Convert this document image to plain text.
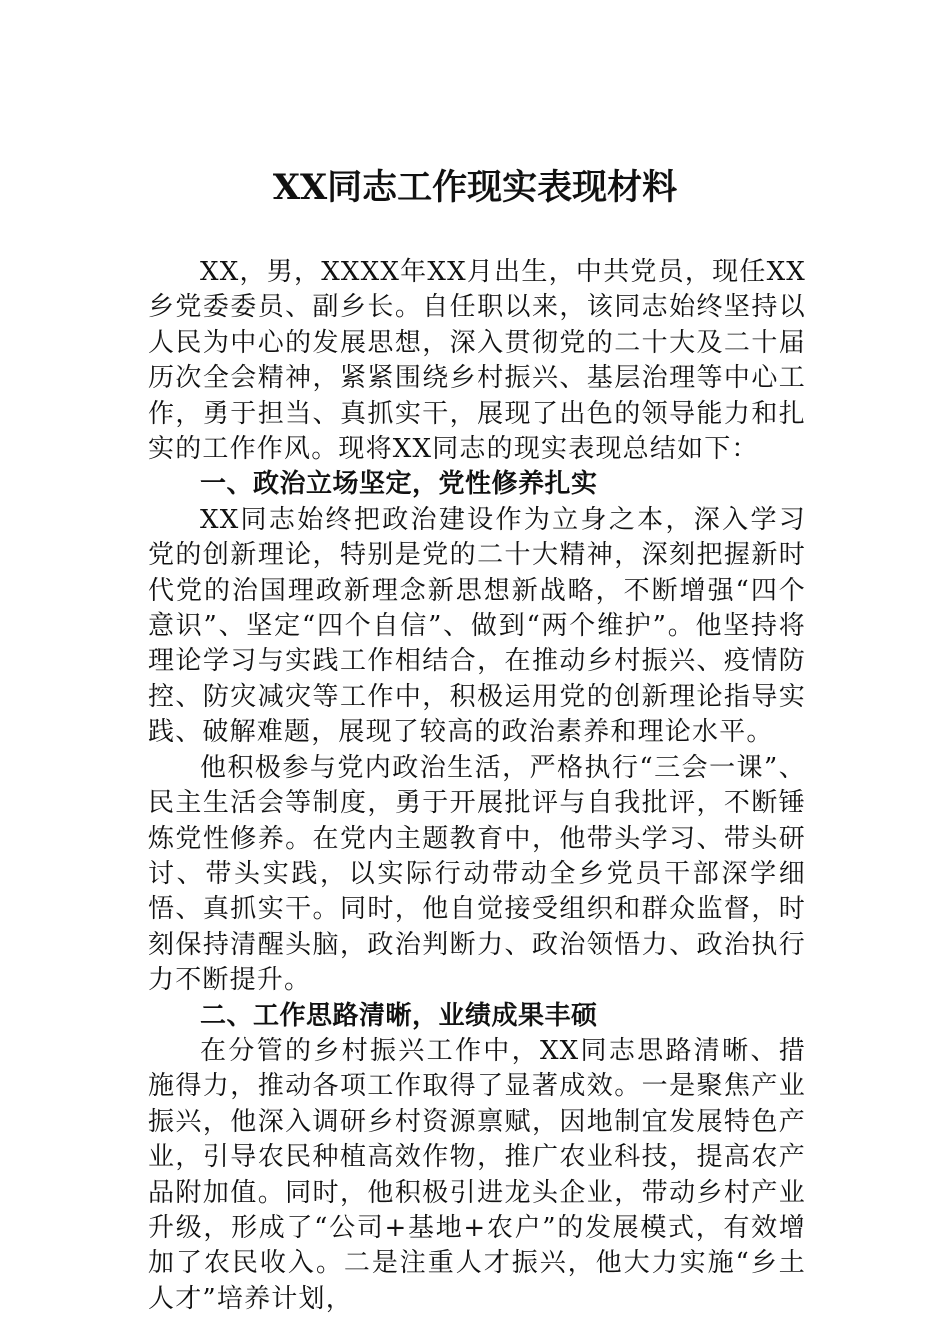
XX同志工作现实表现材料

XX，男，XXXX年XX月出生，中共党员，现任XX乡党委委员、副乡长。自任职以来，该同志始终坚持以人民为中心的发展思想，深入贯彻党的二十大及二十届历次全会精神，紧紧围绕乡村振兴、基层治理等中心工作，勇于担当、真抓实干，展现了出色的领导能力和扎实的工作作风。现将XX同志的现实表现总结如下：

一、政治立场坚定，党性修养扎实

XX同志始终把政治建设作为立身之本，深入学习党的创新理论，特别是党的二十大精神，深刻把握新时代党的治国理政新理念新思想新战略，不断增强“四个意识”、坚定“四个自信”、做到“两个维护”。他坚持将理论学习与实践工作相结合，在推动乡村振兴、疫情防控、防灾减灾等工作中，积极运用党的创新理论指导实践、破解难题，展现了较高的政治素养和理论水平。

他积极参与党内政治生活，严格执行“三会一课”、民主生活会等制度，勇于开展批评与自我批评，不断锤炼党性修养。在党内主题教育中，他带头学习、带头研讨、带头实践，以实际行动带动全乡党员干部深学细悟、真抓实干。同时，他自觉接受组织和群众监督，时刻保持清醒头脑，政治判断力、政治领悟力、政治执行力不断提升。

二、工作思路清晰，业绩成果丰硕

在分管的乡村振兴工作中，XX同志思路清晰、措施得力，推动各项工作取得了显著成效。一是聚焦产业振兴，他深入调研乡村资源禀赋，因地制宜发展特色产业，引导农民种植高效作物，推广农业科技，提高农产品附加值。同时，他积极引进龙头企业，带动乡村产业升级，形成了“公司+基地+农户”的发展模式，有效增加了农民收入。二是注重人才振兴，他大力实施“乡土人才”培养计划，
